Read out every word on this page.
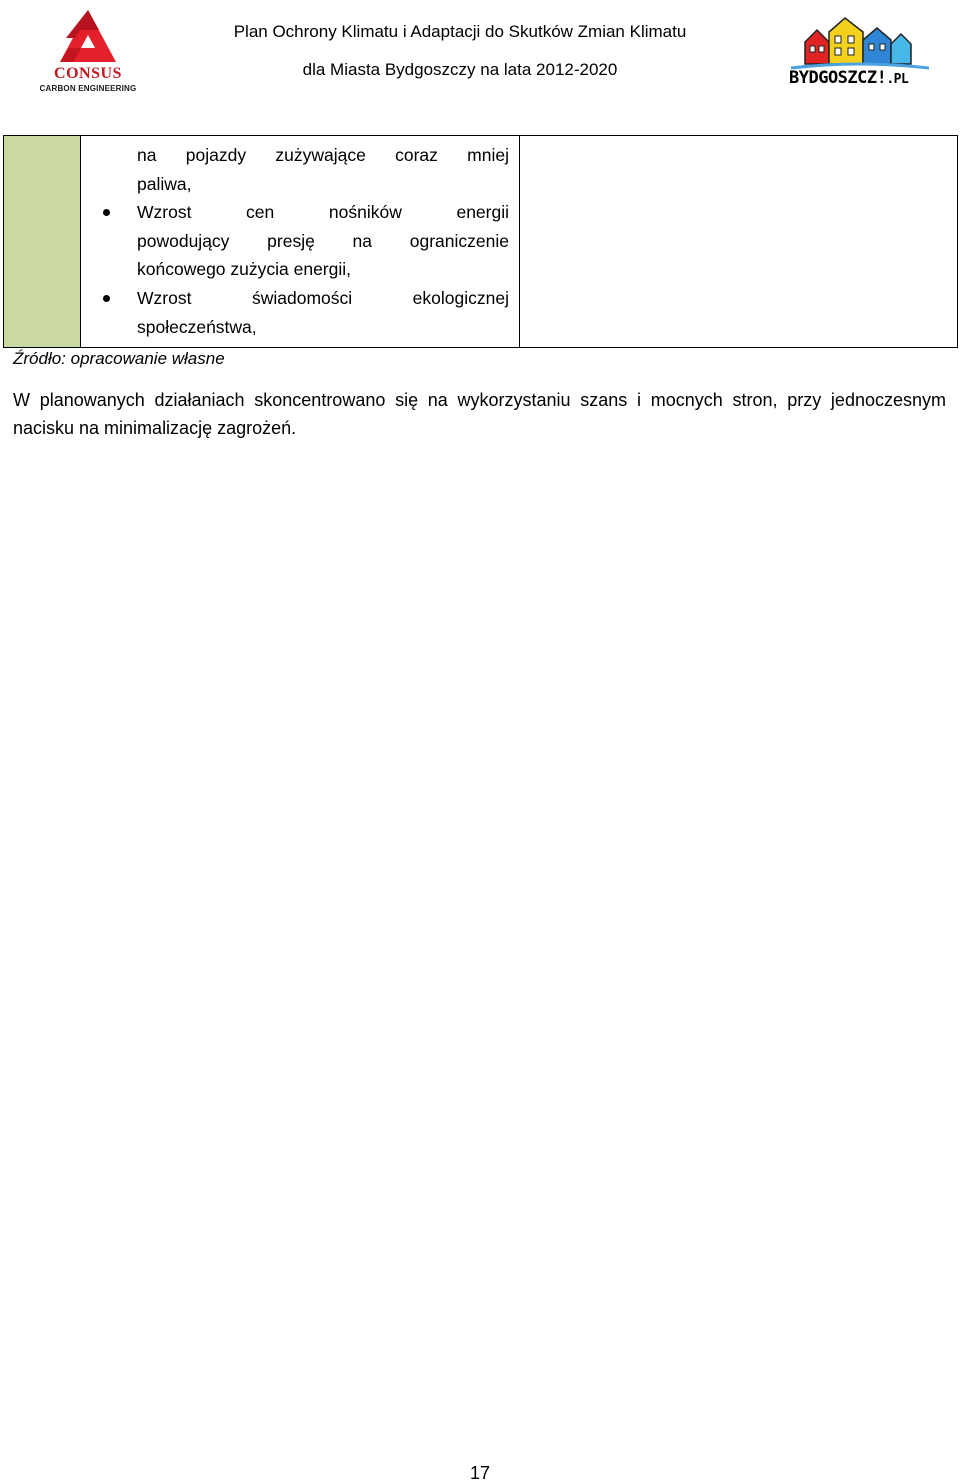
CONSUS
CARBON ENGINEERING
Plan Ochrony Klimatu i Adaptacji do Skutków Zmian Klimatu
dla Miasta Bydgoszczy na lata 2012-2020	BYDGOSZCZ!.PL
na pojazdy zużywające coraz mniej
paliwa,
Wzrost cen nośników energii
powodujący presję na ograniczenie
końcowego zużycia energii,
Wzrost świadomości ekologicznej
społeczeństwa,
Źródło: opracowanie własne
W planowanych działaniach skoncentrowano się na wykorzystaniu szans i mocnych stron, przy jednoczesnym nacisku na minimalizację zagrożeń.
17
